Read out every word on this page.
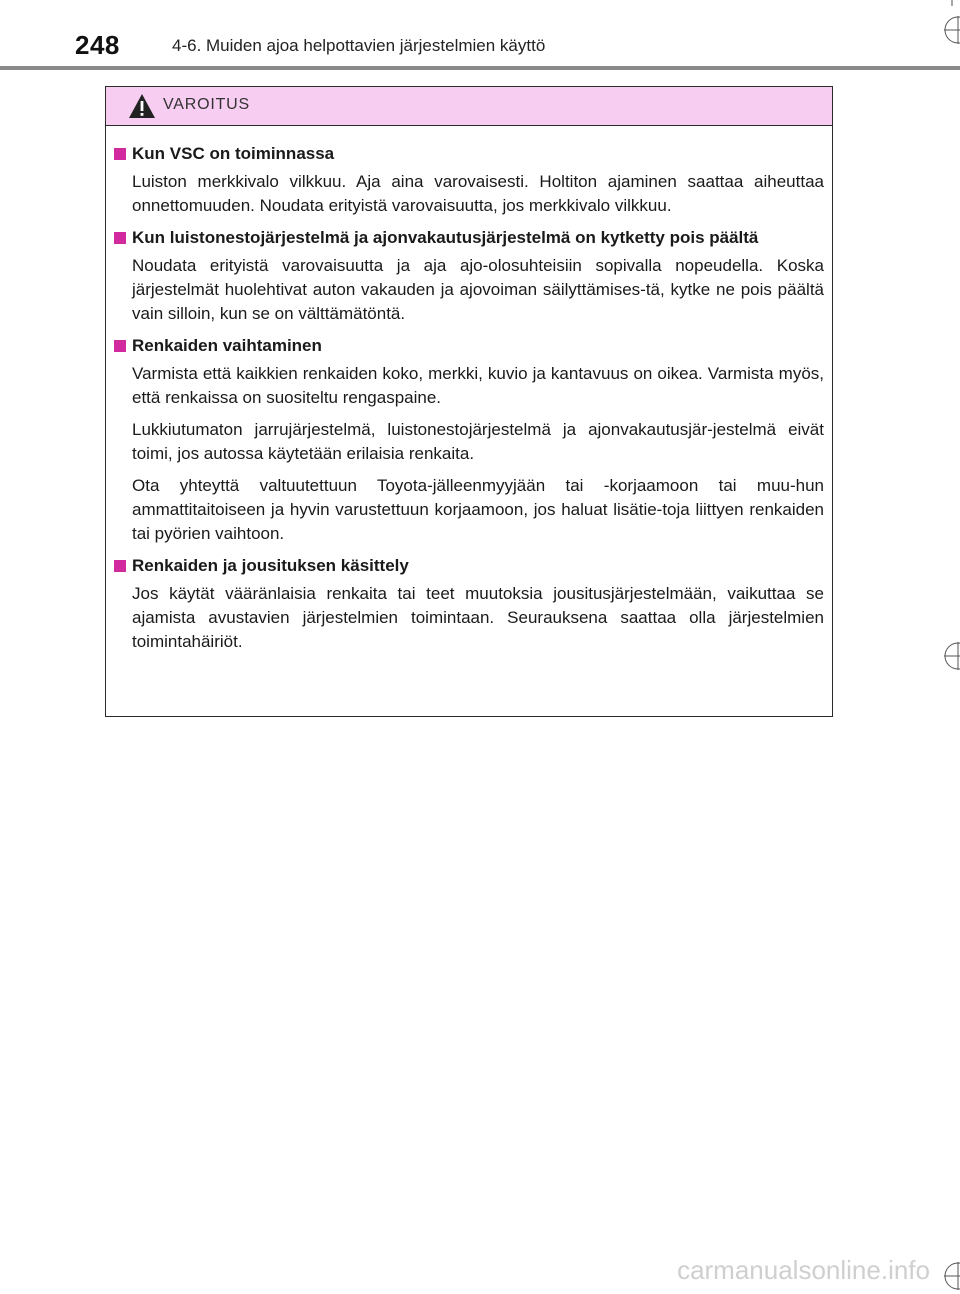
248	4-6. Muiden ajoa helpottavien järjestelmien käyttö
VAROITUS
Kun VSC on toiminnassa

Luiston merkkivalo vilkkuu. Aja aina varovaisesti. Holtiton ajaminen saattaa aiheuttaa onnettomuuden. Noudata erityistä varovaisuutta, jos merkkivalo vilkkuu.

Kun luistonestojärjestelmä ja ajonvakautusjärjestelmä on kytketty pois päältä

Noudata erityistä varovaisuutta ja aja ajo-olosuhteisiin sopivalla nopeudella. Koska järjestelmät huolehtivat auton vakauden ja ajovoiman säilyttämises-tä, kytke ne pois päältä vain silloin, kun se on välttämätöntä.

Renkaiden vaihtaminen

Varmista että kaikkien renkaiden koko, merkki, kuvio ja kantavuus on oikea. Varmista myös, että renkaissa on suositeltu rengaspaine.

Lukkiutumaton jarrujärjestelmä, luistonestojärjestelmä ja ajonvakautusjär-jestelmä eivät toimi, jos autossa käytetään erilaisia renkaita.

Ota yhteyttä valtuutettuun Toyota-jälleenmyyjään tai -korjaamoon tai muu-hun ammattitaitoiseen ja hyvin varustettuun korjaamoon, jos haluat lisätie-toja liittyen renkaiden tai pyörien vaihtoon.

Renkaiden ja jousituksen käsittely

Jos käytät vääränlaisia renkaita tai teet muutoksia jousitusjärjestelmään, vaikuttaa se ajamista avustavien järjestelmien toimintaan. Seurauksena saattaa olla järjestelmien toimintahäiriöt.

carmanualsonline.info
